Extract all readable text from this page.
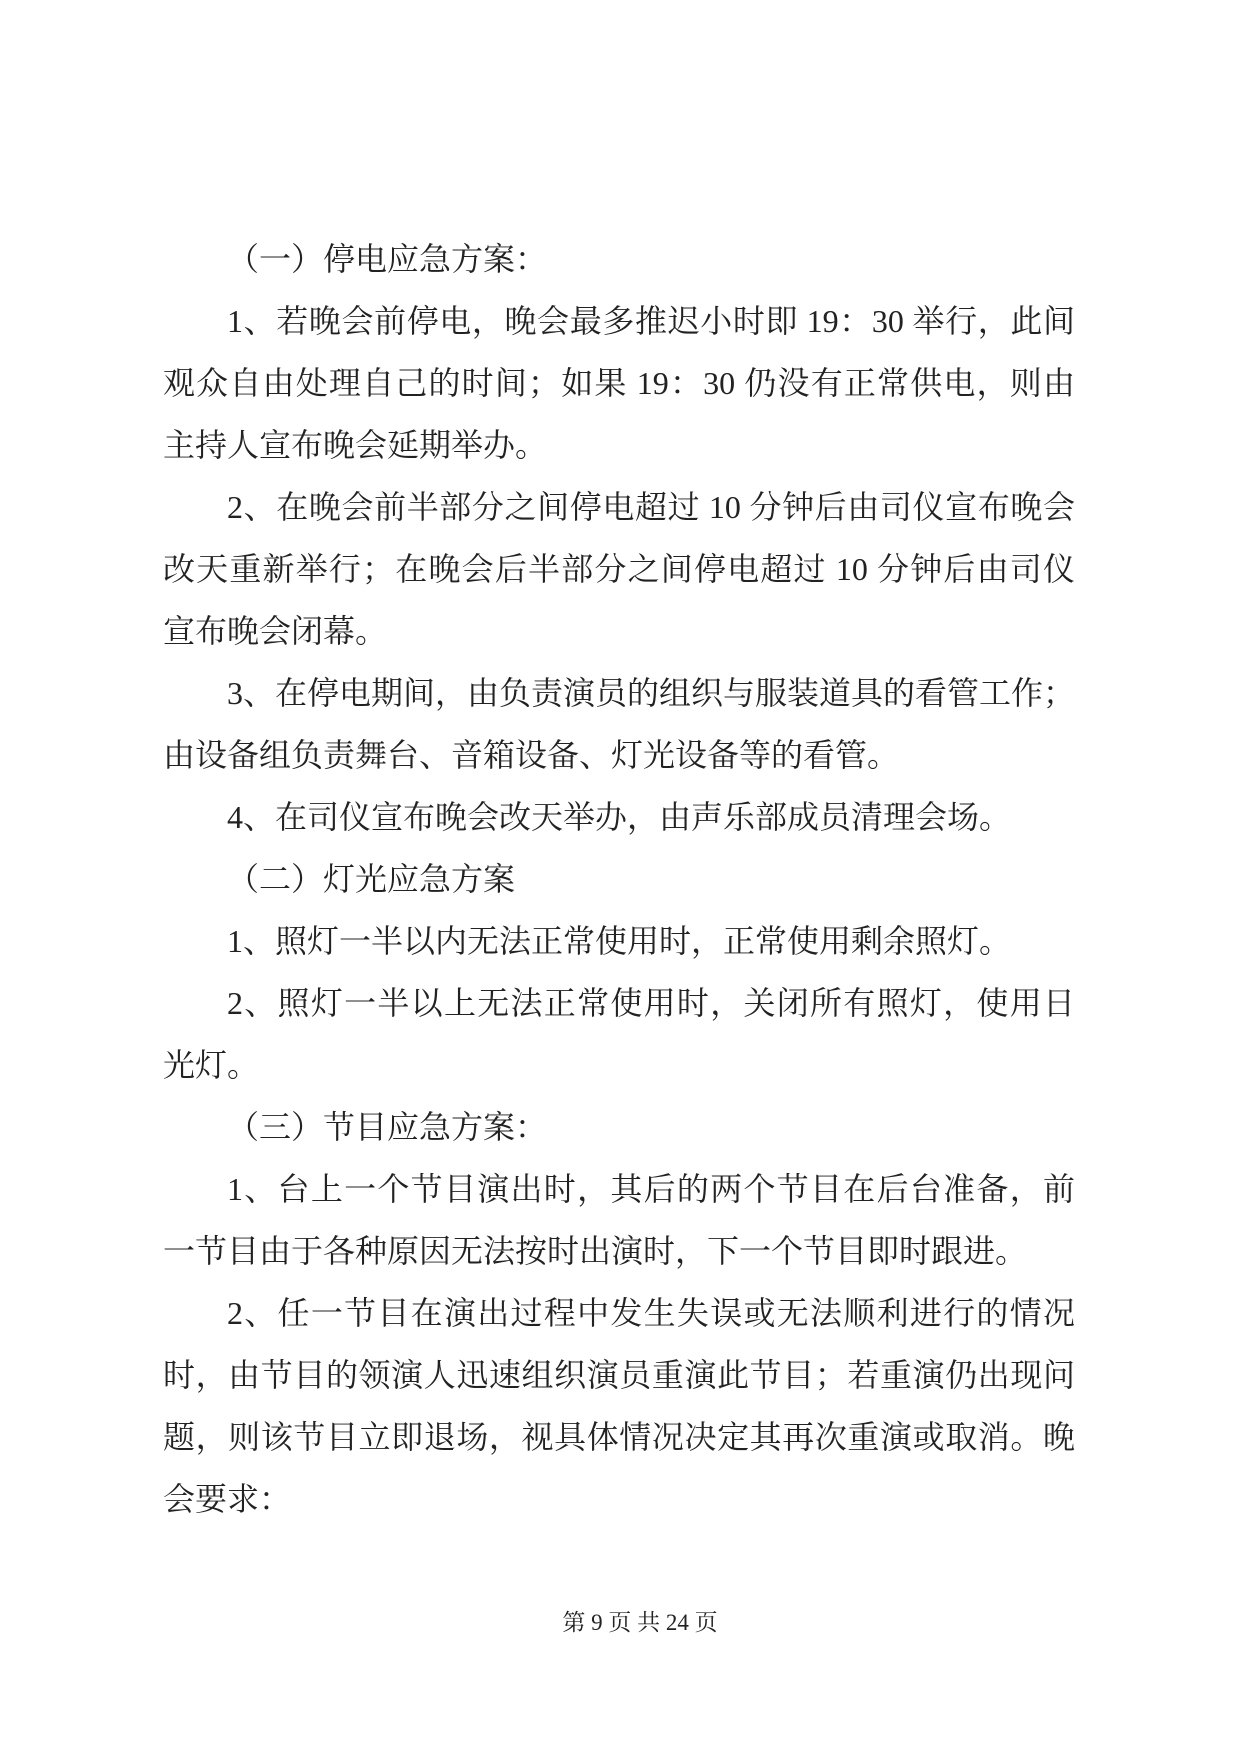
（一）停电应急方案：
1、若晚会前停电，晚会最多推迟小时即 19：30 举行，此间
观众自由处理自己的时间；如果 19：30 仍没有正常供电，则由
主持人宣布晚会延期举办。
2、在晚会前半部分之间停电超过 10 分钟后由司仪宣布晚会
改天重新举行；在晚会后半部分之间停电超过 10 分钟后由司仪
宣布晚会闭幕。
3、在停电期间，由负责演员的组织与服装道具的看管工作；
由设备组负责舞台、音箱设备、灯光设备等的看管。
4、在司仪宣布晚会改天举办，由声乐部成员清理会场。
（二）灯光应急方案
1、照灯一半以内无法正常使用时，正常使用剩余照灯。
2、照灯一半以上无法正常使用时，关闭所有照灯，使用日
光灯。
（三）节目应急方案：
1、台上一个节目演出时，其后的两个节目在后台准备，前
一节目由于各种原因无法按时出演时，下一个节目即时跟进。
2、任一节目在演出过程中发生失误或无法顺利进行的情况
时，由节目的领演人迅速组织演员重演此节目；若重演仍出现问
题，则该节目立即退场，视具体情况决定其再次重演或取消。晚
会要求：
第 9 页 共 24 页
